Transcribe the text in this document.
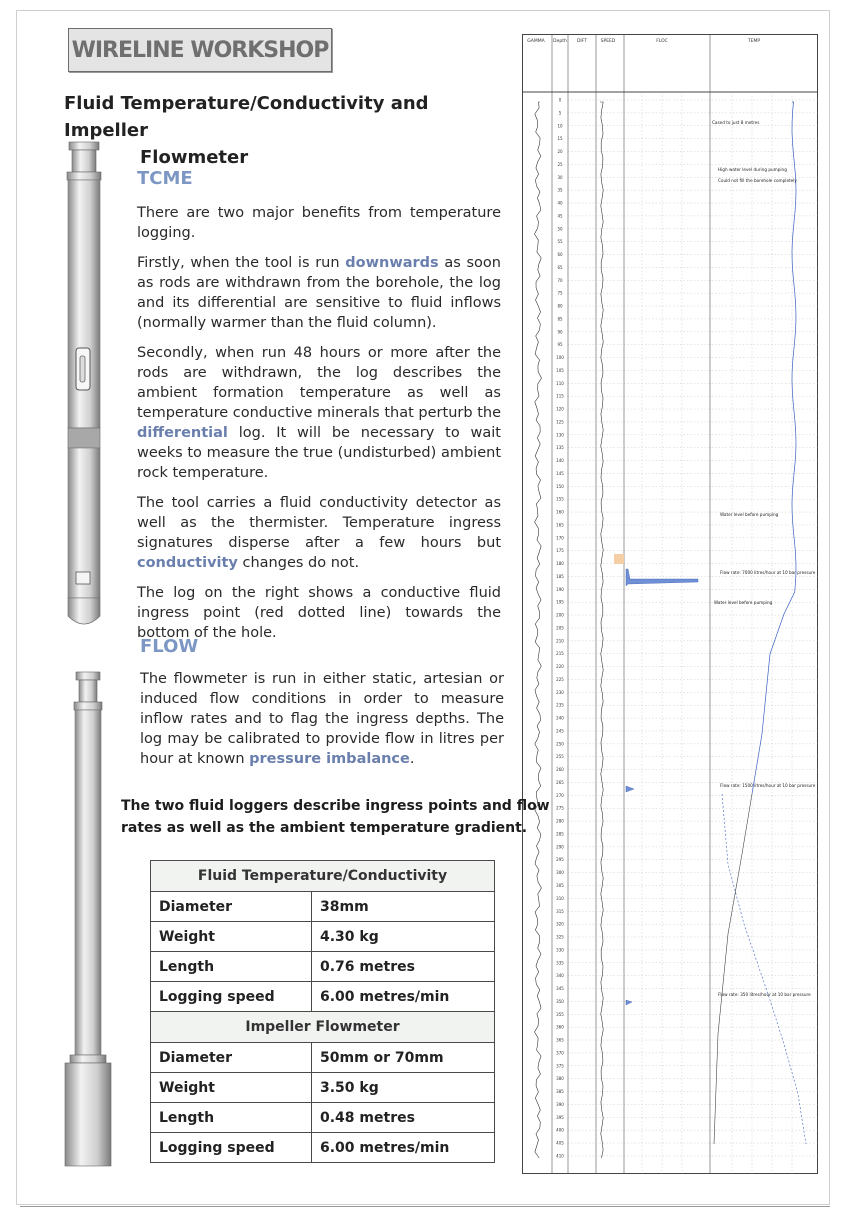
WIRELINE WORKSHOP
Fluid Temperature/Conductivity and Impeller
Flowmeter
TCME

There are two major benefits from temperature logging.

Firstly, when the tool is run downwards as soon as rods are withdrawn from the borehole, the log and its differential are sensitive to fluid inflows (normally warmer than the fluid column).

Secondly, when run 48 hours or more after the rods are withdrawn, the log describes the ambient formation temperature as well as temperature conductive minerals that perturb the differential log. It will be necessary to wait weeks to measure the true (undisturbed) ambient rock temperature.

The tool carries a fluid conductivity detector as well as the thermister. Temperature ingress signatures disperse after a few hours but conductivity changes do not.

The log on the right shows a conductive fluid ingress point (red dotted line) towards the bottom of the hole.

FLOW

The flowmeter is run in either static, artesian or induced flow conditions in order to measure inflow rates and to flag the ingress depths. The log may be calibrated to provide flow in litres per hour at known pressure imbalance.

GAMMA Depth DIFT	SPEED	FLOC	TEMP
0
5
10
15
20
25
30
35
40
45
50
55
60
65
70
75
80
85
90
95
100
105
110
115
120
125
130
135
140
145
150
155
160
165
170
175
180
185
190
195
200
205
210
215
220
225
230
235
240
245
250
255
260
265
270
275
280
285
290
295
300
305
310
315
320
325
330
335
340
345
350
355
360
365
370
375
380
385
390
395
400
405
410
Cased to just 8 metres
High water level during pumping
Could not fill the borehole completely
Water level before pumping
Flow rate: 7000 litres/hour at 10 bar pressure
Water level before pumping
Flow rate: 1500 litres/hour at 10 bar pressure
Flow rate: 350 litres/hour at 10 bar pressure
The two fluid loggers describe ingress points and flow rates as well as the ambient temperature gradient.
Fluid Temperature/Conductivity	
Diameter	38mm
Weight	4.30 kg
Length	0.76 metres
Logging speed	6.00 metres/min
Impeller Flowmeter	
Diameter	50mm or 70mm
Weight	3.50 kg
Length	0.48 metres
Logging speed	6.00 metres/min
